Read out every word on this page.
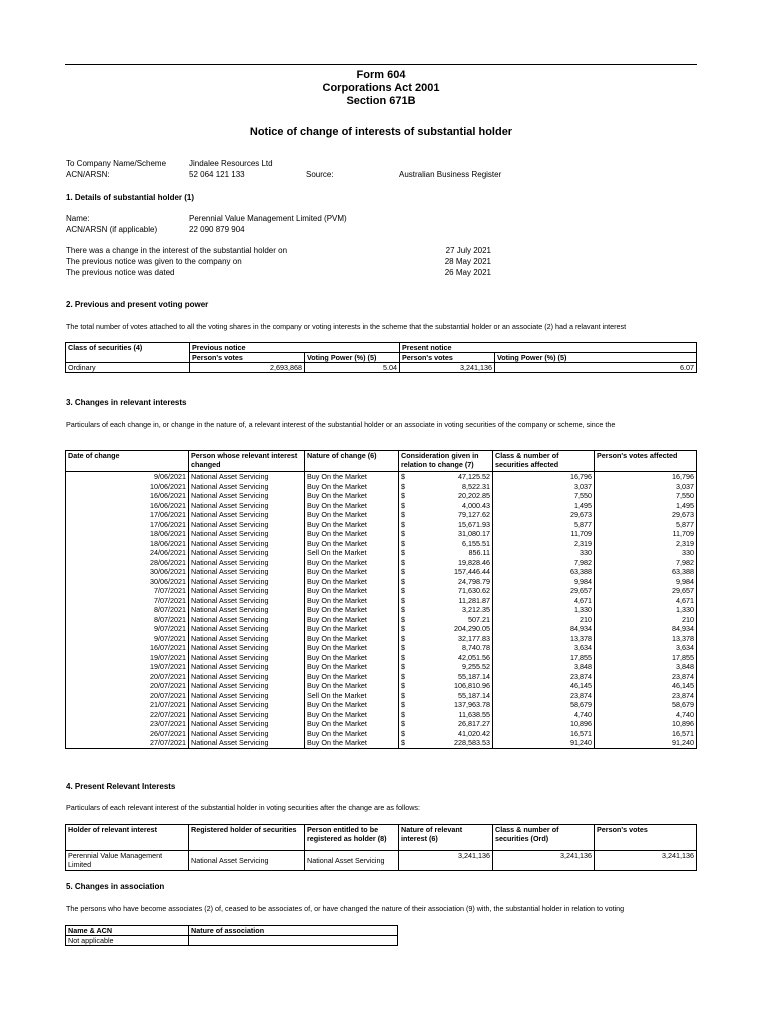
Form 604
Corporations Act 2001
Section 671B
Notice of change of interests of substantial holder
To Company Name/Scheme	Jindalee Resources Ltd
ACN/ARSN:	52 064 121 133	Source:	Australian Business Register
1. Details of substantial holder (1)
Name:	Perennial Value Management Limited (PVM)
ACN/ARSN (if applicable)	22 090 879 904
There was a change in the interest of the substantial holder on	27 July 2021
The previous notice was given to the company on	28 May 2021
The previous notice was dated	26 May 2021
2. Previous and present voting power
The total number of votes attached to all the voting shares in the company or voting interests in the scheme that the substantial holder or an associate (2) had a relavant interest
Class of securities (4)	Previous notice		Present notice	
	Person's votes	Voting Power (%) (5)	Person's votes	Voting Power (%) (5)
Ordinary	2,693,868	5.04	3,241,136	6.07
3. Changes in relevant interests
Particulars of each change in, or change in the nature of, a relevant interest of the substantial holder or an associate in voting securities of the company or scheme, since the
Date of change	Person whose relevant interest changed	Nature of change (6)	Consideration given in relation to change (7)	Class & number of securities affected	Person's votes affected
9/06/2021	National Asset Servicing	Buy On the Market	$ 47,125.52	16,796	16,796
10/06/2021	National Asset Servicing	Buy On the Market	$ 8,522.31	3,037	3,037
16/06/2021	National Asset Servicing	Buy On the Market	$ 20,202.85	7,550	7,550
16/06/2021	National Asset Servicing	Buy On the Market	$ 4,000.43	1,495	1,495
17/06/2021	National Asset Servicing	Buy On the Market	$ 79,127.62	29,673	29,673
17/06/2021	National Asset Servicing	Buy On the Market	$ 15,671.93	5,877	5,877
18/06/2021	National Asset Servicing	Buy On the Market	$ 31,080.17	11,709	11,709
18/06/2021	National Asset Servicing	Buy On the Market	$ 6,155.51	2,319	2,319
24/06/2021	National Asset Servicing	Sell On the Market	$ 856.11	330	330
28/06/2021	National Asset Servicing	Buy On the Market	$ 19,828.46	7,982	7,982
30/06/2021	National Asset Servicing	Buy On the Market	$ 157,446.44	63,388	63,388
30/06/2021	National Asset Servicing	Buy On the Market	$ 24,798.79	9,984	9,984
7/07/2021	National Asset Servicing	Buy On the Market	$ 71,630.62	29,657	29,657
7/07/2021	National Asset Servicing	Buy On the Market	$ 11,281.87	4,671	4,671
8/07/2021	National Asset Servicing	Buy On the Market	$ 3,212.35	1,330	1,330
8/07/2021	National Asset Servicing	Buy On the Market	$ 507.21	210	210
9/07/2021	National Asset Servicing	Buy On the Market	$ 204,290.05	84,934	84,934
9/07/2021	National Asset Servicing	Buy On the Market	$ 32,177.83	13,378	13,378
16/07/2021	National Asset Servicing	Buy On the Market	$ 8,740.78	3,634	3,634
19/07/2021	National Asset Servicing	Buy On the Market	$ 42,051.56	17,855	17,855
19/07/2021	National Asset Servicing	Buy On the Market	$ 9,255.52	3,848	3,848
20/07/2021	National Asset Servicing	Buy On the Market	$ 55,187.14	23,874	23,874
20/07/2021	National Asset Servicing	Buy On the Market	$ 106,810.96	46,145	46,145
20/07/2021	National Asset Servicing	Sell On the Market	$ 55,187.14	23,874	23,874
21/07/2021	National Asset Servicing	Buy On the Market	$ 137,963.78	58,679	58,679
22/07/2021	National Asset Servicing	Buy On the Market	$ 11,638.55	4,740	4,740
23/07/2021	National Asset Servicing	Buy On the Market	$ 26,817.27	10,896	10,896
26/07/2021	National Asset Servicing	Buy On the Market	$ 41,020.42	16,571	16,571
27/07/2021	National Asset Servicing	Buy On the Market	$ 228,583.53	91,240	91,240
4. Present Relevant Interests
Particulars of each relevant interest of the substantial holder in voting securities after the change are as follows:
Holder of relevant interest	Registered holder of securities	Person entitled to be registered as holder (8)	Nature of relevant interest (6)	Class & number of securities (Ord)	Person's votes
Perennial Value Management Limited	National Asset Servicing	National Asset Servicing	3,241,136	3,241,136	3,241,136
5. Changes in association
The persons who have become associates (2) of, ceased to be associates of, or have changed the nature of their association (9) with, the substantial holder in relation to voting
Name & ACN	Nature of association
Not applicable	
